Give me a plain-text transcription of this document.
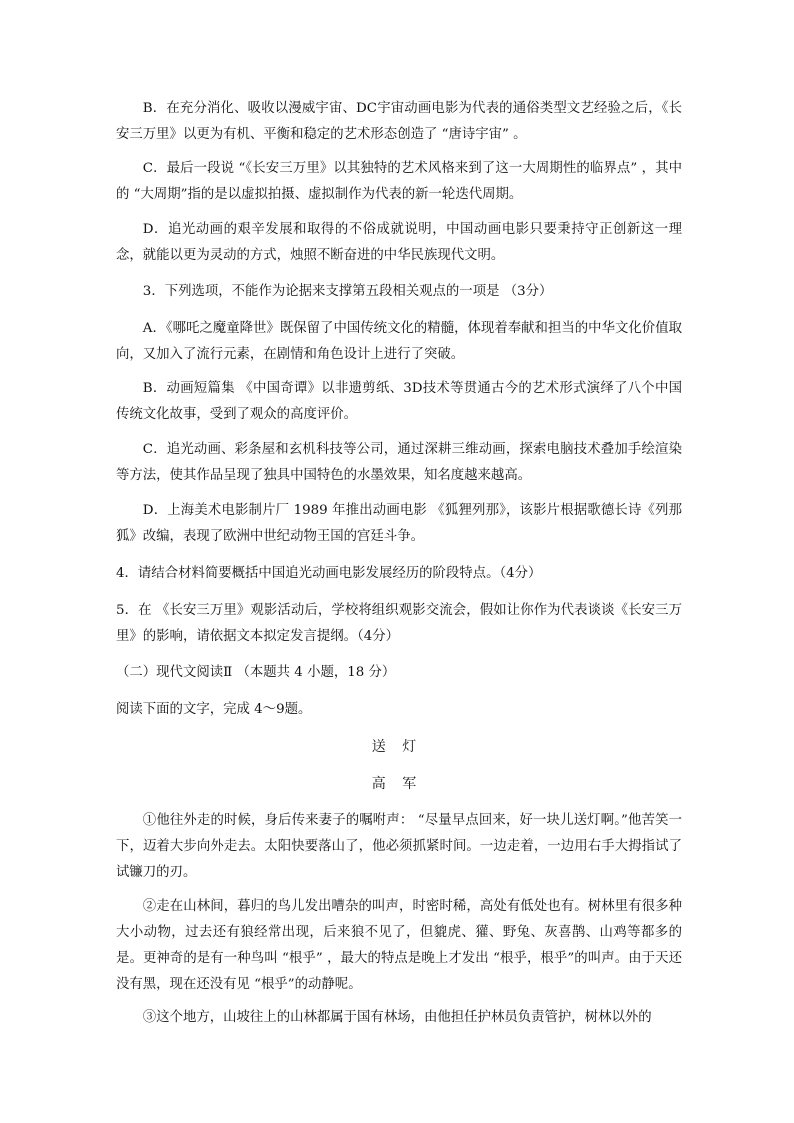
B．在充分消化、吸收以漫威宇宙、DC宇宙动画电影为代表的通俗类型文艺经验之后，《长安三万里》以更为有机、平衡和稳定的艺术形态创造了 “唐诗宇宙” 。

C．最后一段说 “《长安三万里》以其独特的艺术风格来到了这一大周期性的临界点” ，其中的 “大周期”指的是以虚拟拍摄、虚拟制作为代表的新一轮迭代周期。

D．追光动画的艰辛发展和取得的不俗成就说明，中国动画电影只要秉持守正创新这一理念，就能以更为灵动的方式，烛照不断奋进的中华民族现代文明。

3．下列选项，不能作为论据来支撑第五段相关观点的一项是 （3分）

A．《哪吒之魔童降世》既保留了中国传统文化的精髓，体现着奉献和担当的中华文化价值取向，又加入了流行元素，在剧情和角色设计上进行了突破。

B．动画短篇集 《中国奇谭》以非遗剪纸、3D技术等贯通古今的艺术形式演绎了八个中国传统文化故事，受到了观众的高度评价。

C．追光动画、彩条屋和玄机科技等公司，通过深耕三维动画，探索电脑技术叠加手绘渲染等方法，使其作品呈现了独具中国特色的水墨效果，知名度越来越高。

D．上海美术电影制片厂 1989 年推出动画电影 《狐狸列那》，该影片根据歌德长诗《列那 狐》改编，表现了欧洲中世纪动物王国的宫廷斗争。

4．请结合材料简要概括中国追光动画电影发展经历的阶段特点。（4分）

5．在 《长安三万里》观影活动后，学校将组织观影交流会，假如让你作为代表谈谈《长安三万里》的影响，请依据文本拟定发言提纲。（4分）

（二）现代文阅读Ⅱ （本题共 4 小题，18 分）

阅读下面的文字，完成 4～9题。

送 灯
高 军

①他往外走的时候，身后传来妻子的嘱咐声： “尽量早点回来，好一块儿送灯啊。”他苦笑一下，迈着大步向外走去。太阳快要落山了，他必须抓紧时间。一边走着，一边用右手大拇指试了试镰刀的刃。

②走在山林间，暮归的鸟儿发出嘈杂的叫声，时密时稀，高处有低处也有。树林里有很多种大小动物，过去还有狼经常出现，后来狼不见了，但貔虎、獾、野兔、灰喜鹊、山鸡等都多的是。更神奇的是有一种鸟叫 “根乎” ，最大的特点是晚上才发出 “根乎，根乎”的叫声。由于天还没有黑，现在还没有见 “根乎”的动静呢。

③这个地方，山坡往上的山林都属于国有林场，由他担任护林员负责管护，树林以外的
